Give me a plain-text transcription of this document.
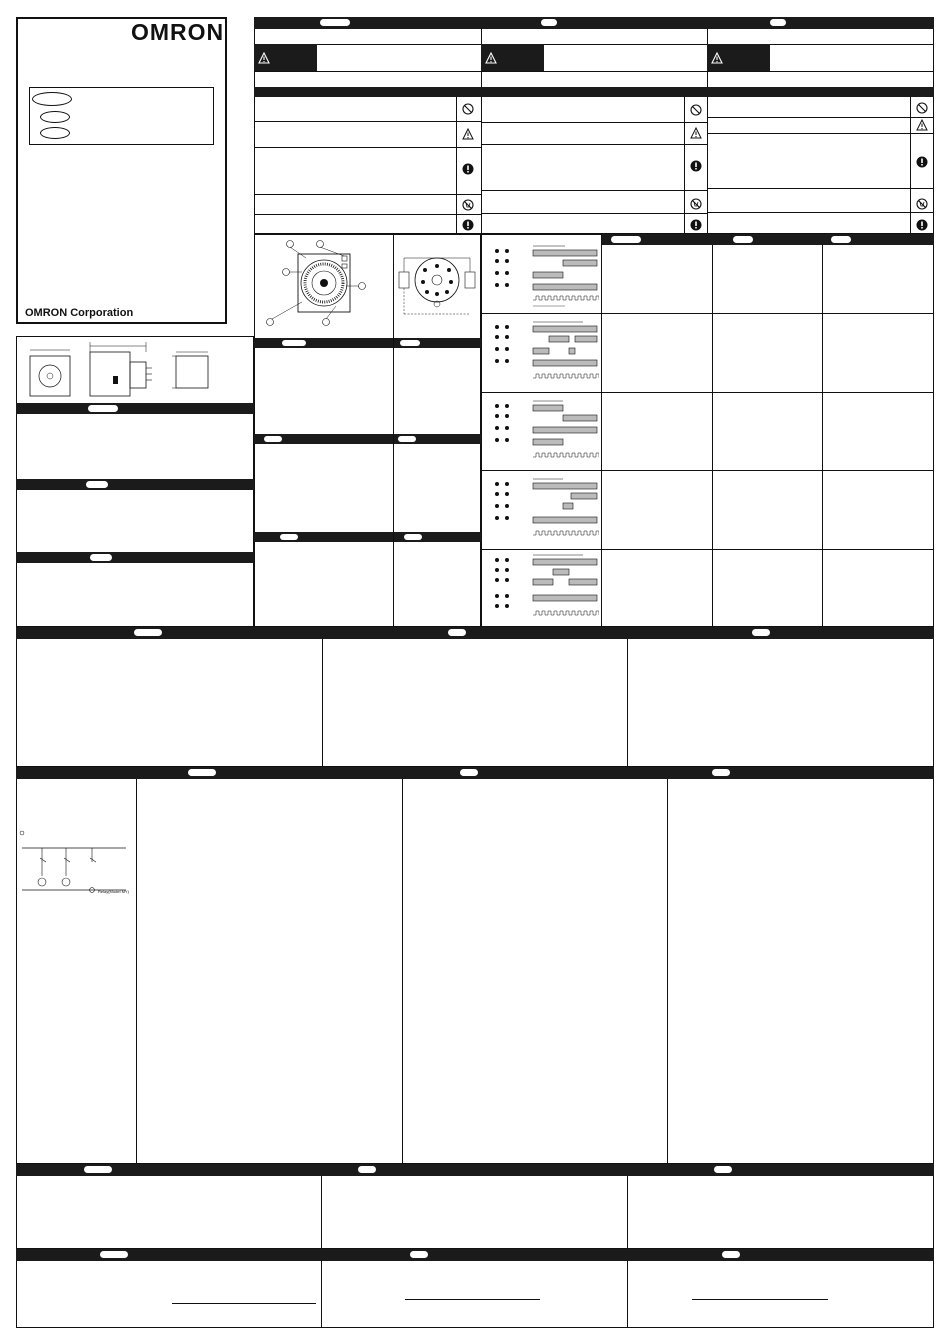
OMRON
OMRON Corporation
Relay(Model MY)
